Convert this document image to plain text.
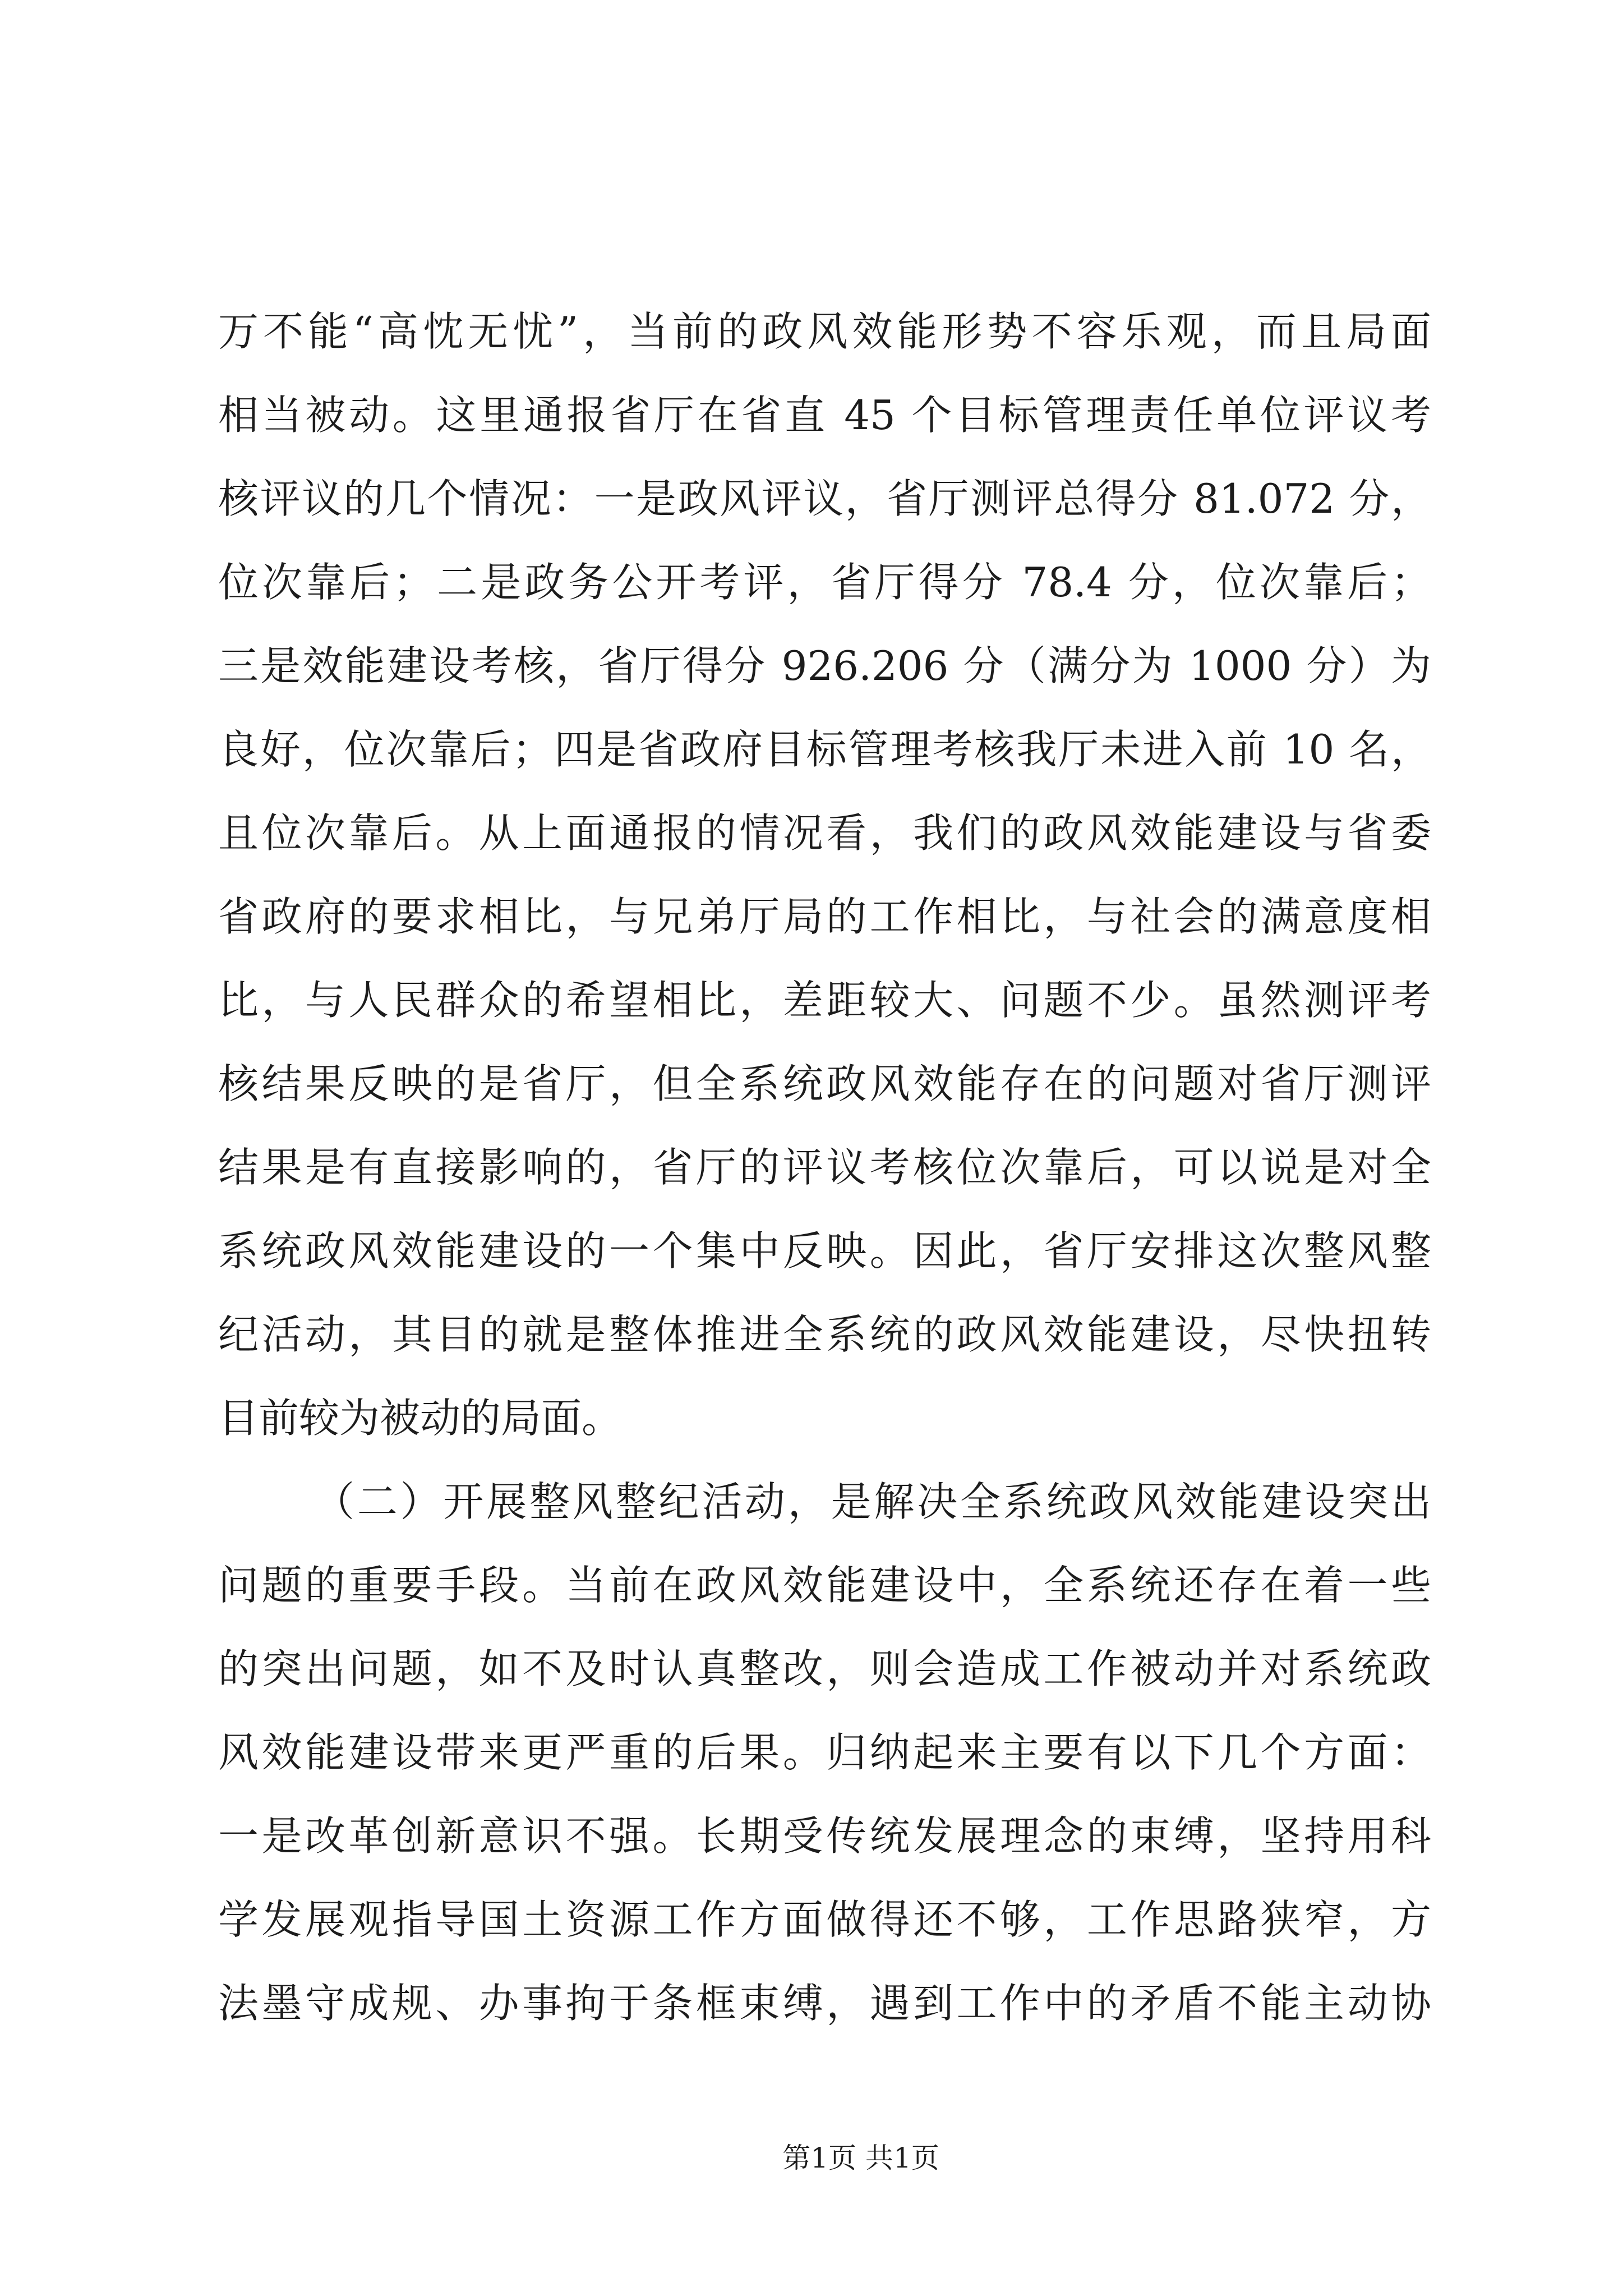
万不能“高忱无忧”，当前的政风效能形势不容乐观，而且局面
相当被动。这里通报省厅在省直 45 个目标管理责任单位评议考
核评议的几个情况：一是政风评议，省厅测评总得分 81.072 分，
位次靠后；二是政务公开考评，省厅得分 78.4 分，位次靠后；
三是效能建设考核，省厅得分 926.206 分（满分为 1000 分）为
良好，位次靠后；四是省政府目标管理考核我厅未进入前 10 名，
且位次靠后。从上面通报的情况看，我们的政风效能建设与省委
省政府的要求相比，与兄弟厅局的工作相比，与社会的满意度相
比，与人民群众的希望相比，差距较大、问题不少。虽然测评考
核结果反映的是省厅，但全系统政风效能存在的问题对省厅测评
结果是有直接影响的，省厅的评议考核位次靠后，可以说是对全
系统政风效能建设的一个集中反映。因此，省厅安排这次整风整
纪活动，其目的就是整体推进全系统的政风效能建设，尽快扭转
目前较为被动的局面。
（二）开展整风整纪活动，是解决全系统政风效能建设突出
问题的重要手段。当前在政风效能建设中，全系统还存在着一些
的突出问题，如不及时认真整改，则会造成工作被动并对系统政
风效能建设带来更严重的后果。归纳起来主要有以下几个方面：
一是改革创新意识不强。长期受传统发展理念的束缚，坚持用科
学发展观指导国土资源工作方面做得还不够，工作思路狭窄，方
法墨守成规、办事拘于条框束缚，遇到工作中的矛盾不能主动协
第1页 共1页
